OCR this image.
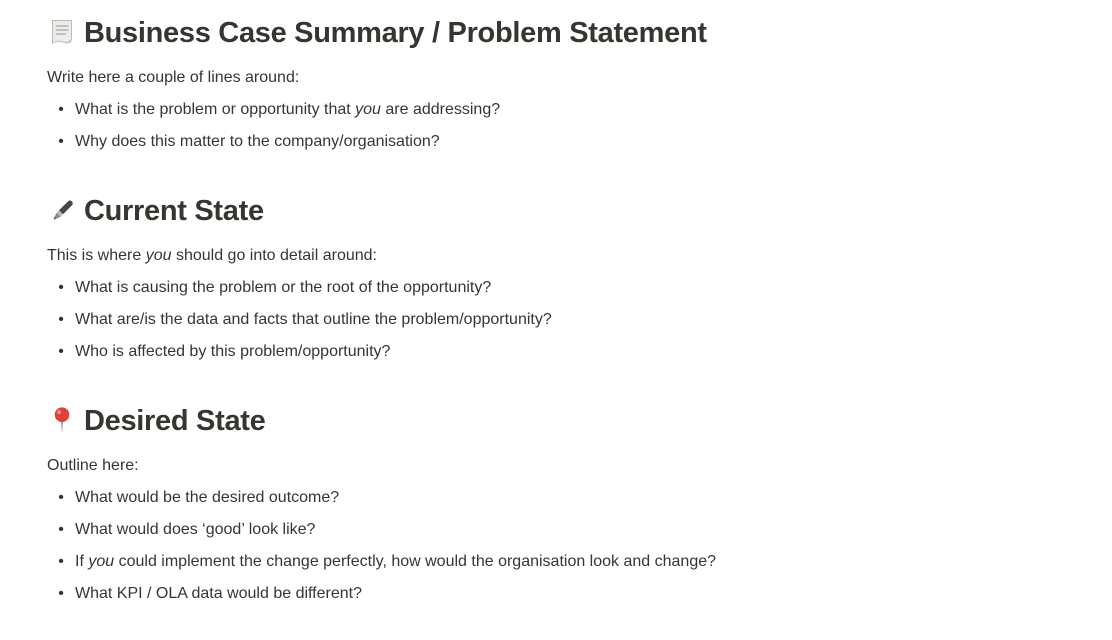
Business Case Summary / Problem Statement

Write here a couple of lines around:

• What is the problem or opportunity that you are addressing?
• Why does this matter to the company/organisation?
Current State

This is where you should go into detail around:

• What is causing the problem or the root of the opportunity?
• What are/is the data and facts that outline the problem/opportunity?
• Who is affected by this problem/opportunity?
Desired State

Outline here:

• What would be the desired outcome?
• What would does ‘good’ look like?
• If you could implement the change perfectly, how would the organisation look and change?
• What KPI / OLA data would be different?
